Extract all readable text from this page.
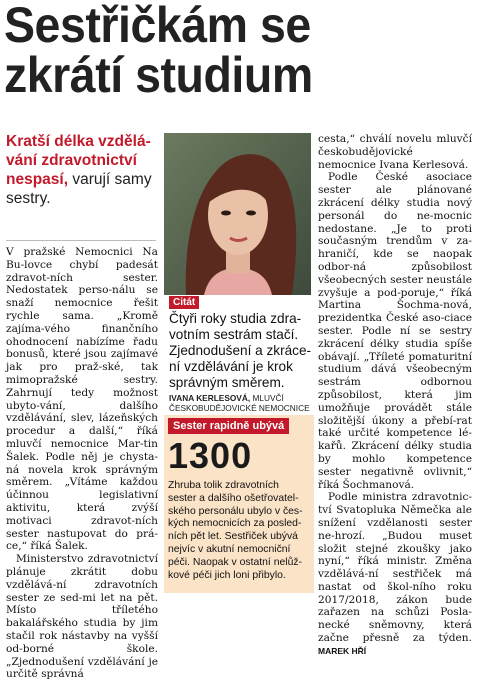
Sestřičkám se
zkrátí studium
Kratší délka vzdělá-vání zdravotnictví nespasí, varují samy sestry.

V pražské Nemocnici Na Bu-lovce chybí padesát zdravot-ních sester. Nedostatek perso-nálu se snaží nemocnice řešit rychle sama. „Kromě zajíma-vého finančního ohodnocení nabízíme řadu bonusů, které jsou zajímavé jak pro praž-ské, tak mimopražské sestry. Zahrnují tedy možnost ubyto-vání, dalšího vzdělávání, slev, lázeňských procedur a další,“ říká mluvčí nemocnice Mar-tin Šalek. Podle něj je chysta-ná novela krok správným směrem. „Vítáme každou účinnou legislativní aktivitu, která zvýší motivaci zdravot-ních sester nastupovat do prá-ce,“ říká Šalek.

Ministerstvo zdravotnictví plánuje zkrátit dobu vzdělává-ní zdravotních sester ze sed-mi let na pět. Místo tříletého bakalářského studia by jim stačil rok nástavby na vyšší od-borné škole. „Zjednodušení vzdělávání je určitě správná

Citát
Čtyři roky studia zdra-votním sestrám stačí. Zjednodušení a zkráce-ní vzdělávání je krok správným směrem.
IVANA KERLESOVÁ, MLUVČÍ ČESKOBUDĚJOVICKÉ NEMOCNICE
Sester rapidně ubývá
1300
Zhruba tolik zdravotních sester a dalšího ošetřovatel-ského personálu ubylo v čes-kých nemocnicích za posled-ních pět let. Sestřiček ubývá nejvíc v akutní nemocniční péči. Naopak v ostatní nelůž-kové péči jich loni přibylo.

cesta,“ chválí novelu mluvčí českobudějovické nemocnice Ivana Kerlesová.

Podle České asociace sester ale plánované zkrácení délky studia nový personál do ne-mocnic nedostane. „Je to proti současným trendům v za-hraničí, kde se naopak odbor-ná způsobilost všeobecných sester neustále zvyšuje a pod-poruje,“ říká Martina Šochma-nová, prezidentka České aso-ciace sester. Podle ní se sestry zkrácení délky studia spíše obávají. „Tříleté pomaturitní studium dává všeobecným sestrám odbornou způsobilost, která jim umožňuje provádět stále složitější úkony a přebí-rat také určité kompetence lé-kařů. Zkrácení délky studia by mohlo kompetence sester negativně ovlivnit,“ říká Šochmanová.

Podle ministra zdravotnic-tví Svatopluka Němečka ale snížení vzdělanosti sester ne-hrozí. „Budou muset složit stejné zkoušky jako nyní,“ říká ministr. Změna vzdělává-ní sestřiček má nastat od škol-ního roku 2017/2018, zákon bude zařazen na schůzi Posla-necké sněmovny, která začne přesně za týden. MAREK HŘÍ
